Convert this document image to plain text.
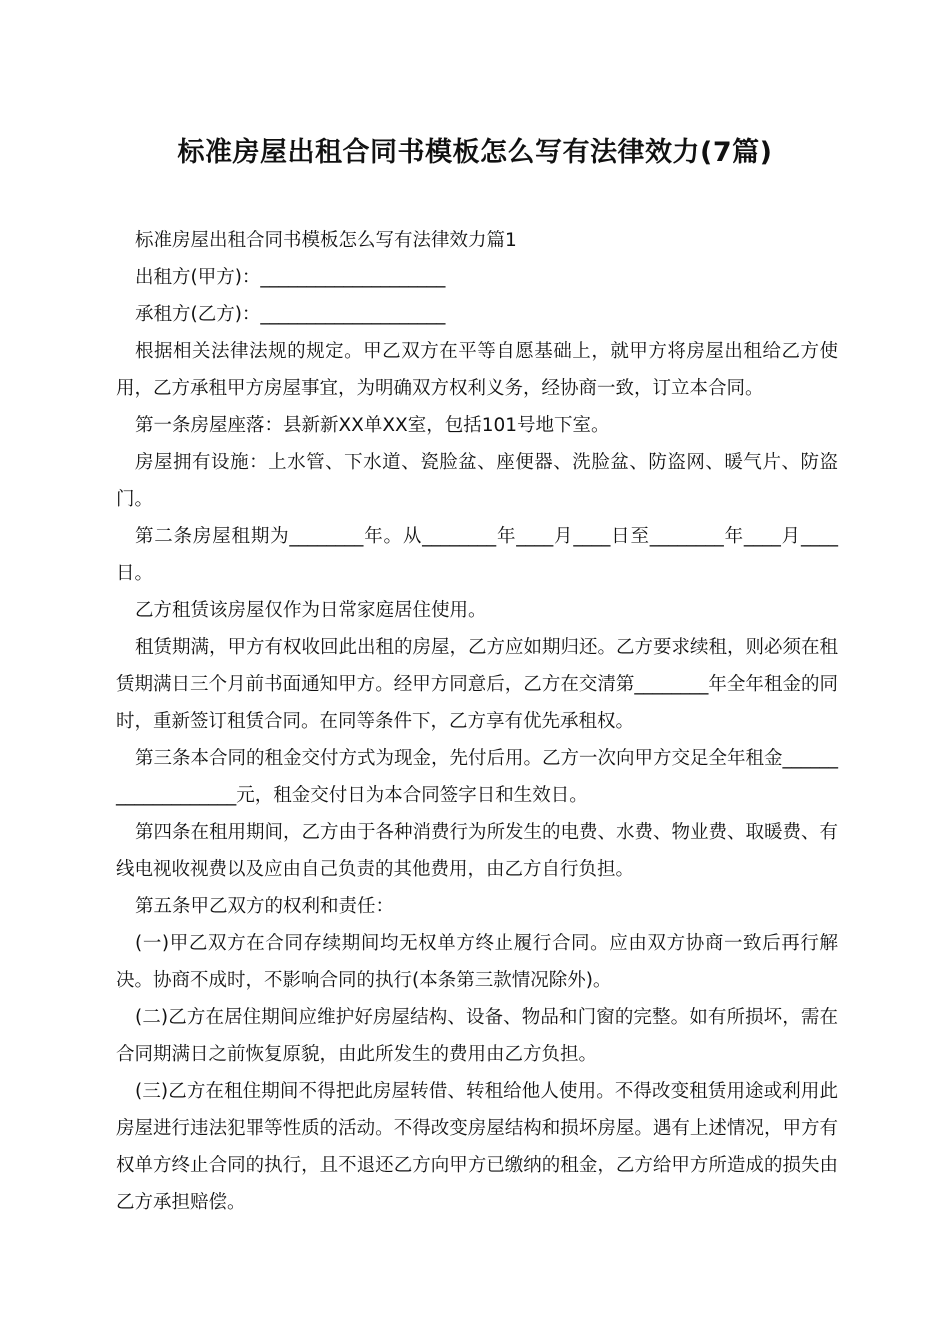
标准房屋出租合同书模板怎么写有法律效力(7篇)

标准房屋出租合同书模板怎么写有法律效力篇1

出租方(甲方)：____________________

承租方(乙方)：____________________

根据相关法律法规的规定。甲乙双方在平等自愿基础上，就甲方将房屋出租给乙方使用，乙方承租甲方房屋事宜，为明确双方权利义务，经协商一致，订立本合同。

第一条房屋座落：县新新XX单XX室，包括101号地下室。

房屋拥有设施：上水管、下水道、瓷脸盆、座便器、洗脸盆、防盗网、暖气片、防盗门。

第二条房屋租期为________年。从________年____月____日至________年____月____日。

乙方租赁该房屋仅作为日常家庭居住使用。

租赁期满，甲方有权收回此出租的房屋，乙方应如期归还。乙方要求续租，则必须在租赁期满日三个月前书面通知甲方。经甲方同意后，乙方在交清第________年全年租金的同时，重新签订租赁合同。在同等条件下，乙方享有优先承租权。

第三条本合同的租金交付方式为现金，先付后用。乙方一次向甲方交足全年租金___________________元，租金交付日为本合同签字日和生效日。

第四条在租用期间，乙方由于各种消费行为所发生的电费、水费、物业费、取暖费、有线电视收视费以及应由自己负责的其他费用，由乙方自行负担。

第五条甲乙双方的权利和责任：

(一)甲乙双方在合同存续期间均无权单方终止履行合同。应由双方协商一致后再行解决。协商不成时，不影响合同的执行(本条第三款情况除外)。

(二)乙方在居住期间应维护好房屋结构、设备、物品和门窗的完整。如有所损坏，需在合同期满日之前恢复原貌，由此所发生的费用由乙方负担。

(三)乙方在租住期间不得把此房屋转借、转租给他人使用。不得改变租赁用途或利用此房屋进行违法犯罪等性质的活动。不得改变房屋结构和损坏房屋。遇有上述情况，甲方有权单方终止合同的执行，且不退还乙方向甲方已缴纳的租金，乙方给甲方所造成的损失由乙方承担赔偿。
